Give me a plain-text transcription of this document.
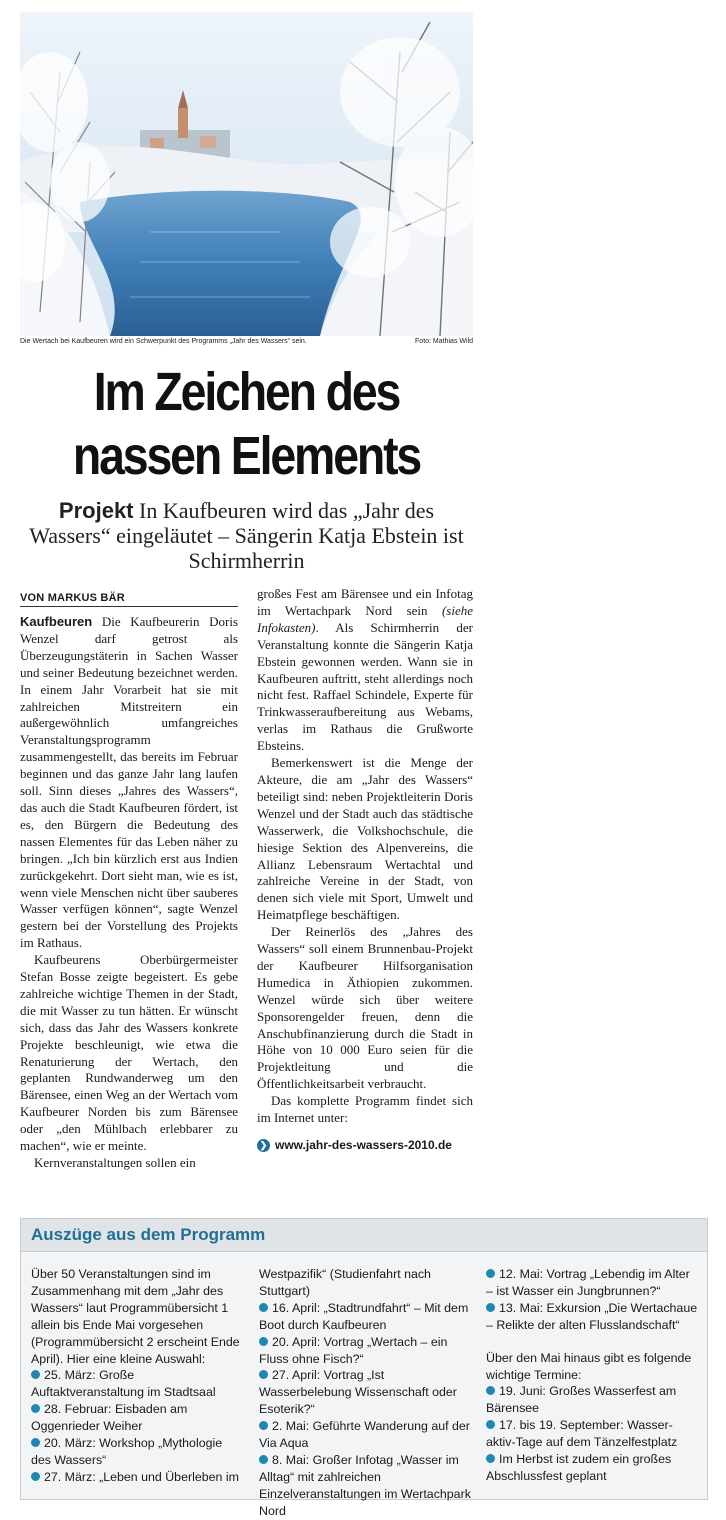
Die Wertach bei Kaufbeuren wird ein Schwerpunkt des Programms „Jahr des Wassers“ sein.	Foto: Mathias Wild
Im Zeichen des
nassen Elements
Projekt In Kaufbeuren wird das „Jahr des Wassers“ eingeläutet – Sängerin Katja Ebstein ist Schirmherrin
VON MARKUS BÄR

Kaufbeuren Die Kaufbeurerin Doris Wenzel darf getrost als Überzeugungstäterin in Sachen Wasser und seiner Bedeutung bezeichnet werden. In einem Jahr Vorarbeit hat sie mit zahlreichen Mitstreitern ein außergewöhnlich umfangreiches Veranstaltungsprogramm zusammengestellt, das bereits im Februar beginnen und das ganze Jahr lang laufen soll. Sinn dieses „Jahres des Wassers“, das auch die Stadt Kaufbeuren fördert, ist es, den Bürgern die Bedeutung des nassen Elementes für das Leben näher zu bringen. „Ich bin kürzlich erst aus Indien zurückgekehrt. Dort sieht man, wie es ist, wenn viele Menschen nicht über sauberes Wasser verfügen können“, sagte Wenzel gestern bei der Vorstellung des Projekts im Rathaus.

Kaufbeurens Oberbürgermeister Stefan Bosse zeigte begeistert. Es gebe zahlreiche wichtige Themen in der Stadt, die mit Wasser zu tun hätten. Er wünscht sich, dass das Jahr des Wassers konkrete Projekte beschleunigt, wie etwa die Renaturierung der Wertach, den geplanten Rundwanderweg um den Bärensee, einen Weg an der Wertach vom Kaufbeurer Norden bis zum Bärensee oder „den Mühlbach erlebbarer zu machen“, wie er meinte.

Kernveranstaltungen sollen ein

großes Fest am Bärensee und ein Infotag im Wertachpark Nord sein (siehe Infokasten). Als Schirmherrin der Veranstaltung konnte die Sängerin Katja Ebstein gewonnen werden. Wann sie in Kaufbeuren auftritt, steht allerdings noch nicht fest. Raffael Schindele, Experte für Trinkwasseraufbereitung aus Webams, verlas im Rathaus die Grußworte Ebsteins.

Bemerkenswert ist die Menge der Akteure, die am „Jahr des Wassers“ beteiligt sind: neben Projektleiterin Doris Wenzel und der Stadt auch das städtische Wasserwerk, die Volkshochschule, die hiesige Sektion des Alpenvereins, die Allianz Lebensraum Wertachtal und zahlreiche Vereine in der Stadt, von denen sich viele mit Sport, Umwelt und Heimatpflege beschäftigen.

Der Reinerlös des „Jahres des Wassers“ soll einem Brunnenbau-Projekt der Kaufbeurer Hilfsorganisation Humedica in Äthiopien zukommen. Wenzel würde sich über weitere Sponsorengelder freuen, denn die Anschubfinanzierung durch die Stadt in Höhe von 10 000 Euro seien für die Projektleitung und die Öffentlichkeitsarbeit verbraucht.

Das komplette Programm findet sich im Internet unter:

❯ www.jahr-des-wassers-2010.de
Auszüge aus dem Programm

Über 50 Veranstaltungen sind im Zusammenhang mit dem „Jahr des Wassers“ laut Programmübersicht 1 allein bis Ende Mai vorgesehen (Programmübersicht 2 erscheint Ende April). Hier eine kleine Auswahl:

25. März: Große Auftaktveranstaltung im Stadtsaal

28. Februar: Eisbaden am Oggenrieder Weiher

20. März: Workshop „Mythologie des Wassers“

27. März: „Leben und Überleben im

Westpazifik“ (Studienfahrt nach Stuttgart)

16. April: „Stadtrundfahrt“ – Mit dem Boot durch Kaufbeuren

20. April: Vortrag „Wertach – ein Fluss ohne Fisch?“

27. April: Vortrag „Ist Wasserbelebung Wissenschaft oder Esoterik?“

2. Mai: Geführte Wanderung auf der Via Aqua

8. Mai: Großer Infotag „Wasser im Alltag“ mit zahlreichen Einzelveranstaltungen im Wertachpark Nord

12. Mai: Vortrag „Lebendig im Alter – ist Wasser ein Jungbrunnen?“

13. Mai: Exkursion „Die Wertachaue – Relikte der alten Flusslandschaft“

Über den Mai hinaus gibt es folgende wichtige Termine:

19. Juni: Großes Wasserfest am Bärensee

17. bis 19. September: Wasser-aktiv-Tage auf dem Tänzelfestplatz

Im Herbst ist zudem ein großes Abschlussfest geplant
